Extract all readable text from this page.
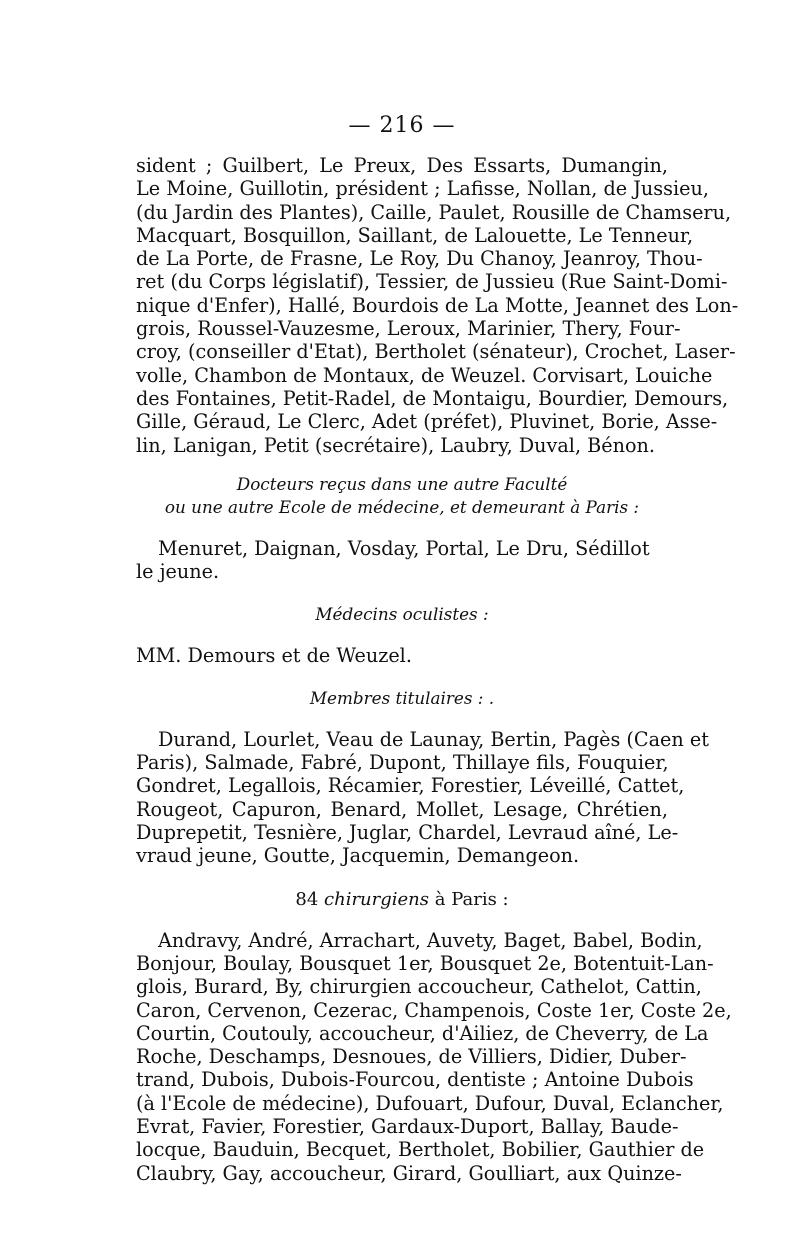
— 216 —
sident ; Guilbert, Le Preux, Des Essarts, Dumangin,
Le Moine, Guillotin, président ; Lafisse, Nollan, de Jussieu,
(du Jardin des Plantes), Caille, Paulet, Rousille de Chamseru,
Macquart, Bosquillon, Saillant, de Lalouette, Le Tenneur,
de La Porte, de Frasne, Le Roy, Du Chanoy, Jeanroy, Thou-
ret (du Corps législatif), Tessier, de Jussieu (Rue Saint-Domi-
nique d'Enfer), Hallé, Bourdois de La Motte, Jeannet des Lon-
grois, Roussel-Vauzesme, Leroux, Marinier, Thery, Four-
croy, (conseiller d'Etat), Bertholet (sénateur), Crochet, Laser-
volle, Chambon de Montaux, de Weuzel. Corvisart, Louiche
des Fontaines, Petit-Radel, de Montaigu, Bourdier, Demours,
Gille, Géraud, Le Clerc, Adet (préfet), Pluvinet, Borie, Asse-
lin, Lanigan, Petit (secrétaire), Laubry, Duval, Bénon.
Docteurs reçus dans une autre Faculté
ou une autre Ecole de médecine, et demeurant à Paris :
Menuret, Daignan, Vosday, Portal, Le Dru, Sédillot le jeune.
Médecins oculistes :
MM. Demours et de Weuzel.
Membres titulaires : .
Durand, Lourlet, Veau de Launay, Bertin, Pagès (Caen et
Paris), Salmade, Fabré, Dupont, Thillaye fils, Fouquier,
Gondret, Legallois, Récamier, Forestier, Léveillé, Cattet,
Rougeot, Capuron, Benard, Mollet, Lesage, Chrétien,
Duprepetit, Tesnière, Juglar, Chardel, Levraud aîné, Le-
vraud jeune, Goutte, Jacquemin, Demangeon.
84 chirurgiens à Paris :
Andravy, André, Arrachart, Auvety, Baget, Babel, Bodin,
Bonjour, Boulay, Bousquet 1er, Bousquet 2e, Botentuit-Lan-
glois, Burard, By, chirurgien accoucheur, Cathelot, Cattin,
Caron, Cervenon, Cezerac, Champenois, Coste 1er, Coste 2e,
Courtin, Coutouly, accoucheur, d'Ailiez, de Cheverry, de La
Roche, Deschamps, Desnoues, de Villiers, Didier, Duber-
trand, Dubois, Dubois-Fourcou, dentiste ; Antoine Dubois
(à l'Ecole de médecine), Dufouart, Dufour, Duval, Eclancher,
Evrat, Favier, Forestier, Gardaux-Duport, Ballay, Baude-
locque, Bauduin, Becquet, Bertholet, Bobilier, Gauthier de
Claubry, Gay, accoucheur, Girard, Goulliart, aux Quinze-
